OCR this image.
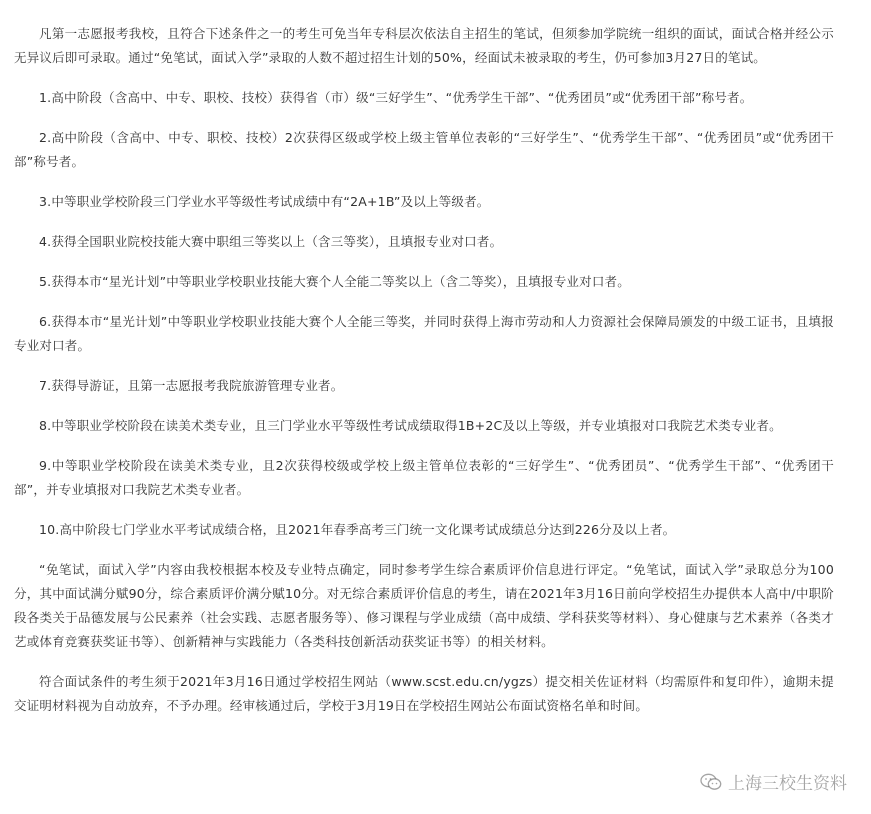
凡第一志愿报考我校，且符合下述条件之一的考生可免当年专科层次依法自主招生的笔试，但须参加学院统一组织的面试，面试合格并经公示无异议后即可录取。通过“免笔试，面试入学”录取的人数不超过招生计划的50%，经面试未被录取的考生，仍可参加3月27日的笔试。

1.高中阶段（含高中、中专、职校、技校）获得省（市）级“三好学生”、“优秀学生干部”、“优秀团员”或“优秀团干部”称号者。

2.高中阶段（含高中、中专、职校、技校）2次获得区级或学校上级主管单位表彰的“三好学生”、“优秀学生干部”、“优秀团员”或“优秀团干部”称号者。

3.中等职业学校阶段三门学业水平等级性考试成绩中有“2A+1B”及以上等级者。

4.获得全国职业院校技能大赛中职组三等奖以上（含三等奖），且填报专业对口者。

5.获得本市“星光计划”中等职业学校职业技能大赛个人全能二等奖以上（含二等奖），且填报专业对口者。

6.获得本市“星光计划”中等职业学校职业技能大赛个人全能三等奖，并同时获得上海市劳动和人力资源社会保障局颁发的中级工证书，且填报专业对口者。

7.获得导游证，且第一志愿报考我院旅游管理专业者。

8.中等职业学校阶段在读美术类专业，且三门学业水平等级性考试成绩取得1B+2C及以上等级，并专业填报对口我院艺术类专业者。

9.中等职业学校阶段在读美术类专业，且2次获得校级或学校上级主管单位表彰的“三好学生”、“优秀团员”、“优秀学生干部”、“优秀团干部”，并专业填报对口我院艺术类专业者。

10.高中阶段七门学业水平考试成绩合格，且2021年春季高考三门统一文化课考试成绩总分达到226分及以上者。

“免笔试，面试入学”内容由我校根据本校及专业特点确定，同时参考学生综合素质评价信息进行评定。“免笔试，面试入学”录取总分为100分，其中面试满分赋90分，综合素质评价满分赋10分。对无综合素质评价信息的考生，请在2021年3月16日前向学校招生办提供本人高中/中职阶段各类关于品德发展与公民素养（社会实践、志愿者服务等）、修习课程与学业成绩（高中成绩、学科获奖等材料）、身心健康与艺术素养（各类才艺或体育竞赛获奖证书等）、创新精神与实践能力（各类科技创新活动获奖证书等）的相关材料。

符合面试条件的考生须于2021年3月16日通过学校招生网站（www.scst.edu.cn/ygzs）提交相关佐证材料（均需原件和复印件），逾期未提交证明材料视为自动放弃，不予办理。经审核通过后，学校于3月19日在学校招生网站公布面试资格名单和时间。

上海三校生资料
